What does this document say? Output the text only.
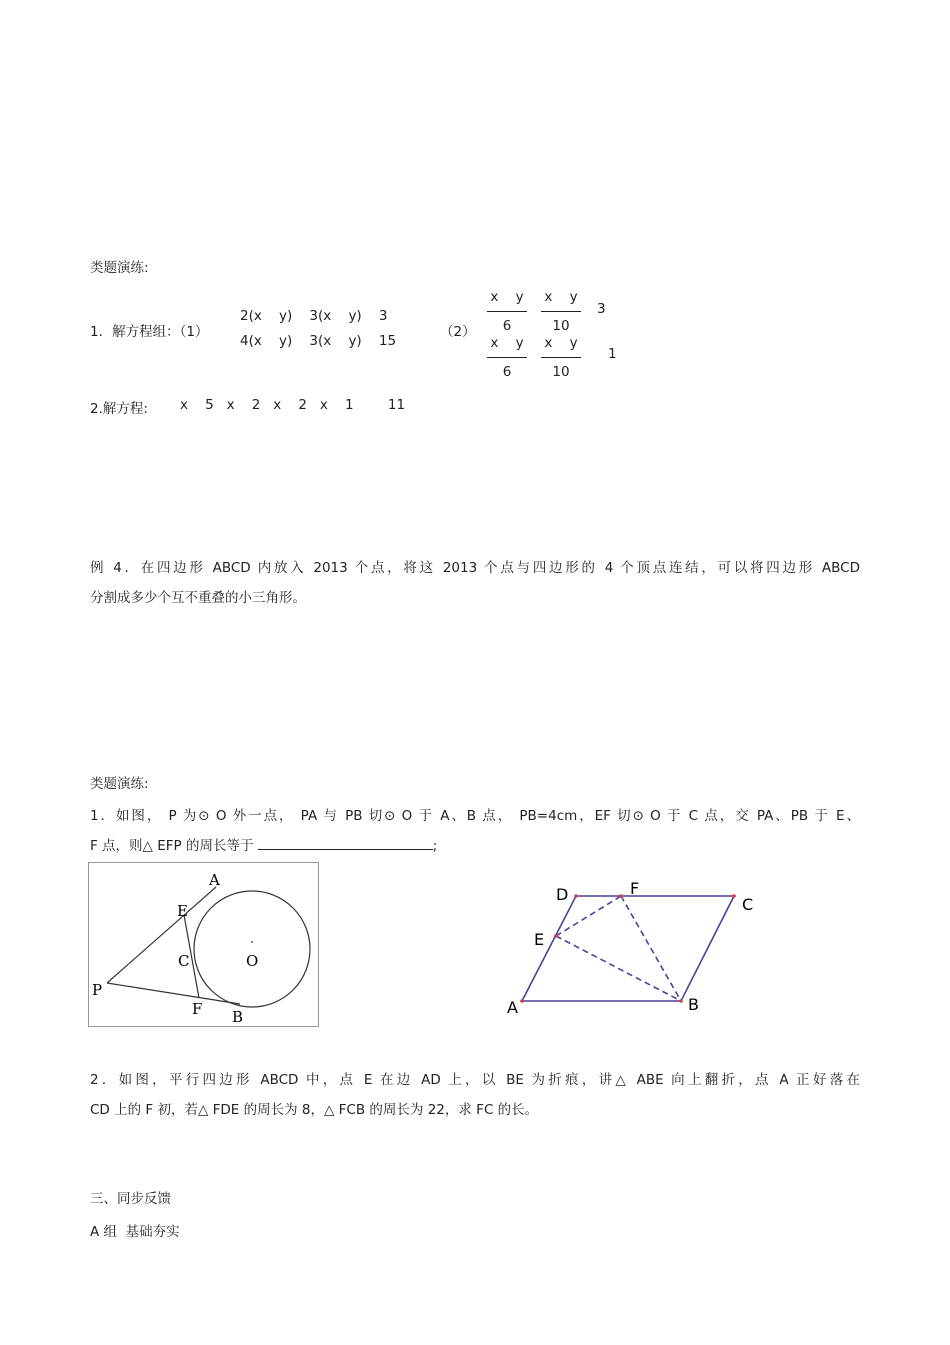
类题演练:
1．解方程组：（1）
2(x    y)    3(x    y)    3
4(x    y)    3(x    y)    15
$(2) \frac{\text{x    y}}{6} \frac{\text{x    y}}{10} 3$
$\frac{\text{x    y}}{6} \frac{\text{x    y}}{10} 1$
2.解方程: x    5   x    2   x    2   x    1        11
例 4．在四边形 ABCD 内放入 2013 个点，将这 2013 个点与四边形的 4 个顶点连结，可以将四边形 ABCD
分割成多少个互不重叠的小三角形。
类题演练:
1．如图， P 为⊙ O 外一点， PA 与 PB 切⊙ O 于 A、B 点， PB=4cm，EF 切⊙ O 于 C 点，交 PA、PB 于 E、
F 点，则△ EFP 的周长等于	;
A
E
C	O
P
F B
D	F
C
E
A	B
2．如图，平行四边形 ABCD 中，点 E 在边 AD 上，以 BE 为折痕，讲△ ABE 向上翻折，点 A 正好落在
CD 上的 F 初，若△ FDE 的周长为 8，△ FCB 的周长为 22，求 FC 的长。
三、同步反馈
A 组  基础夯实
